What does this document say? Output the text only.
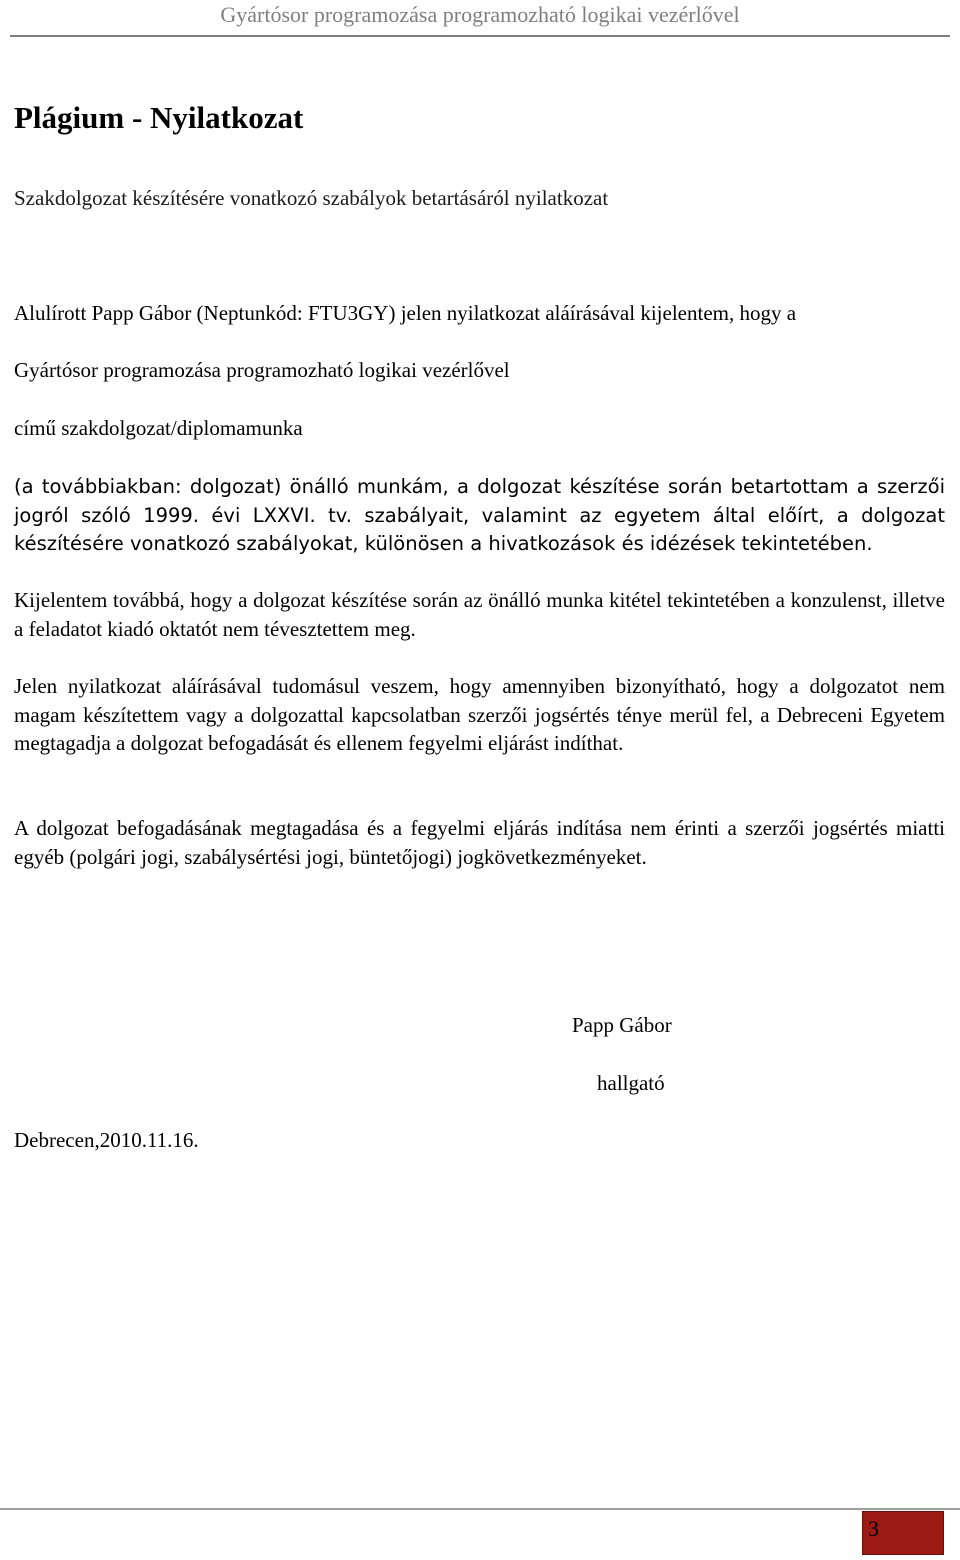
Gyártósor programozása programozható logikai vezérlővel
Plágium - Nyilatkozat
Szakdolgozat készítésére vonatkozó szabályok betartásáról nyilatkozat
Alulírott Papp Gábor (Neptunkód: FTU3GY) jelen nyilatkozat aláírásával kijelentem, hogy a
Gyártósor programozása programozható logikai vezérlővel
című szakdolgozat/diplomamunka

(a továbbiakban: dolgozat) önálló munkám, a dolgozat készítése során betartottam a szerzői jogról szóló 1999. évi LXXVI. tv. szabályait, valamint az egyetem által előírt, a dolgozat készítésére vonatkozó szabályokat, különösen a hivatkozások és idézések tekintetében.

Kijelentem továbbá, hogy a dolgozat készítése során az önálló munka kitétel tekintetében a konzulenst, illetve a feladatot kiadó oktatót nem tévesztettem meg.

Jelen nyilatkozat aláírásával tudomásul veszem, hogy amennyiben bizonyítható, hogy a dolgozatot nem magam készítettem vagy a dolgozattal kapcsolatban szerzői jogsértés ténye merül fel, a Debreceni Egyetem megtagadja a dolgozat befogadását és ellenem fegyelmi eljárást indíthat.

A dolgozat befogadásának megtagadása és a fegyelmi eljárás indítása nem érinti a szerzői jogsértés miatti egyéb (polgári jogi, szabálysértési jogi, büntetőjogi) jogkövetkezményeket.

Papp Gábor
hallgató
Debrecen,2010.11.16.
3
